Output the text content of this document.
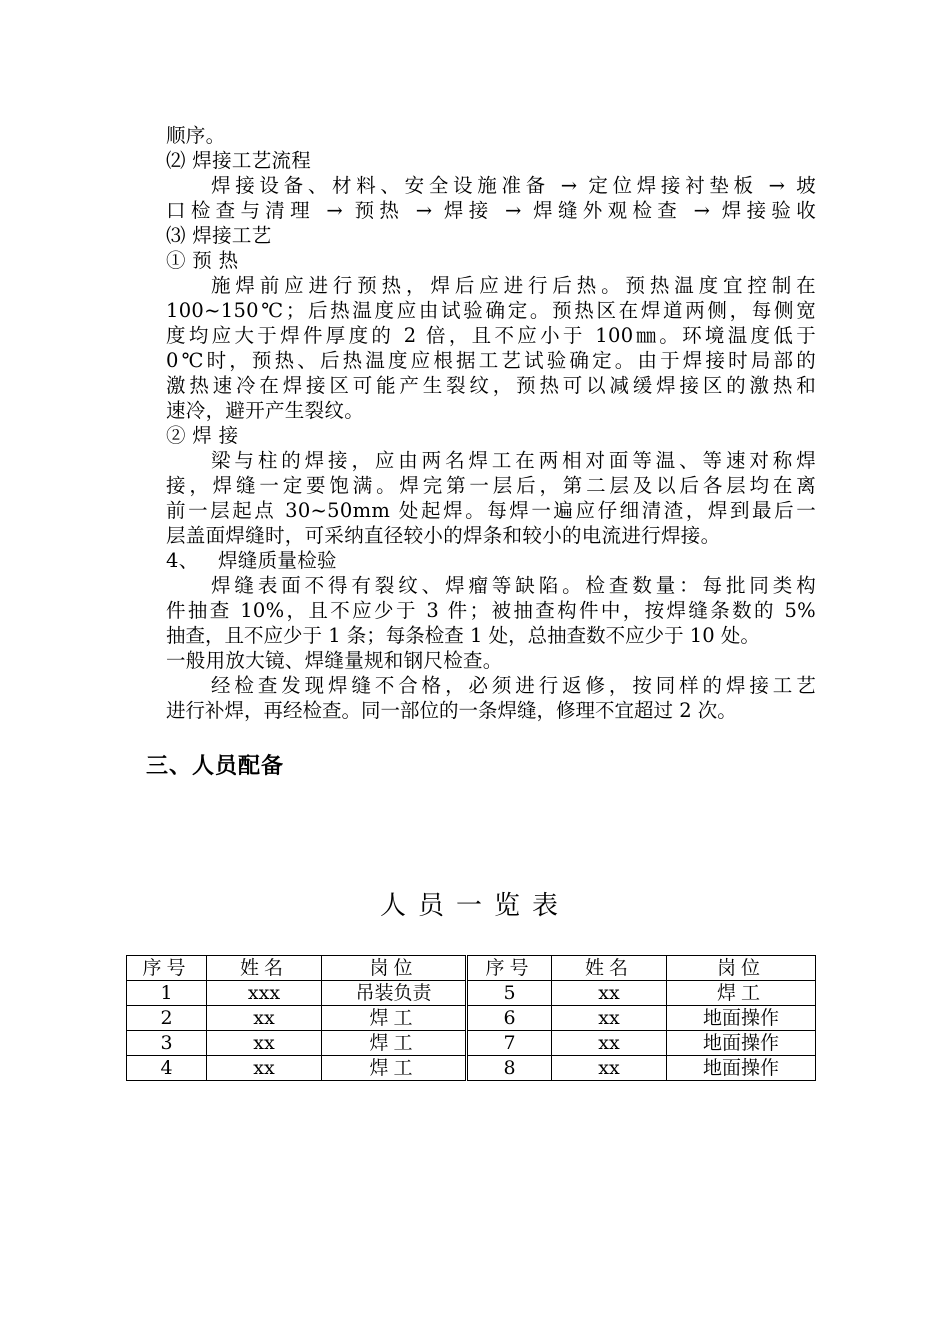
顺序。

⑵ 焊接工艺流程

焊接设备、材料、安全设施准备 → 定位焊接衬垫板 → 坡

口检查与清理 → 预热 → 焊接 → 焊缝外观检查 → 焊接验收

⑶ 焊接工艺

① 预 热

施焊前应进行预热，焊后应进行后热。预热温度宜控制在

100~150℃；后热温度应由试验确定。预热区在焊道两侧，每侧宽

度均应大于焊件厚度的 2 倍，且不应小于 100㎜。环境温度低于

0℃时，预热、后热温度应根据工艺试验确定。由于焊接时局部的

激热速冷在焊接区可能产生裂纹，预热可以减缓焊接区的激热和

速冷，避开产生裂纹。

② 焊 接

梁与柱的焊接，应由两名焊工在两相对面等温、等速对称焊

接，焊缝一定要饱满。焊完第一层后，第二层及以后各层均在离

前一层起点 30~50mm 处起焊。每焊一遍应仔细清渣，焊到最后一

层盖面焊缝时，可采纳直径较小的焊条和较小的电流进行焊接。

4、   焊缝质量检验

焊缝表面不得有裂纹、焊瘤等缺陷。检查数量：每批同类构

件抽查 10%，且不应少于 3 件；被抽查构件中，按焊缝条数的 5%

抽查，且不应少于 1 条；每条检查 1 处，总抽查数不应少于 10 处。

一般用放大镜、焊缝量规和钢尺检查。

经检查发现焊缝不合格，必须进行返修，按同样的焊接工艺

进行补焊，再经检查。同一部位的一条焊缝，修理不宜超过 2 次。

三、人员配备
人员一览表
序号	姓名	岗位	序号	姓名	岗位
1	xxx	吊装负责	5	xx	焊工
2	xx	焊工	6	xx	地面操作
3	xx	焊工	7	xx	地面操作
4	xx	焊工	8	xx	地面操作
